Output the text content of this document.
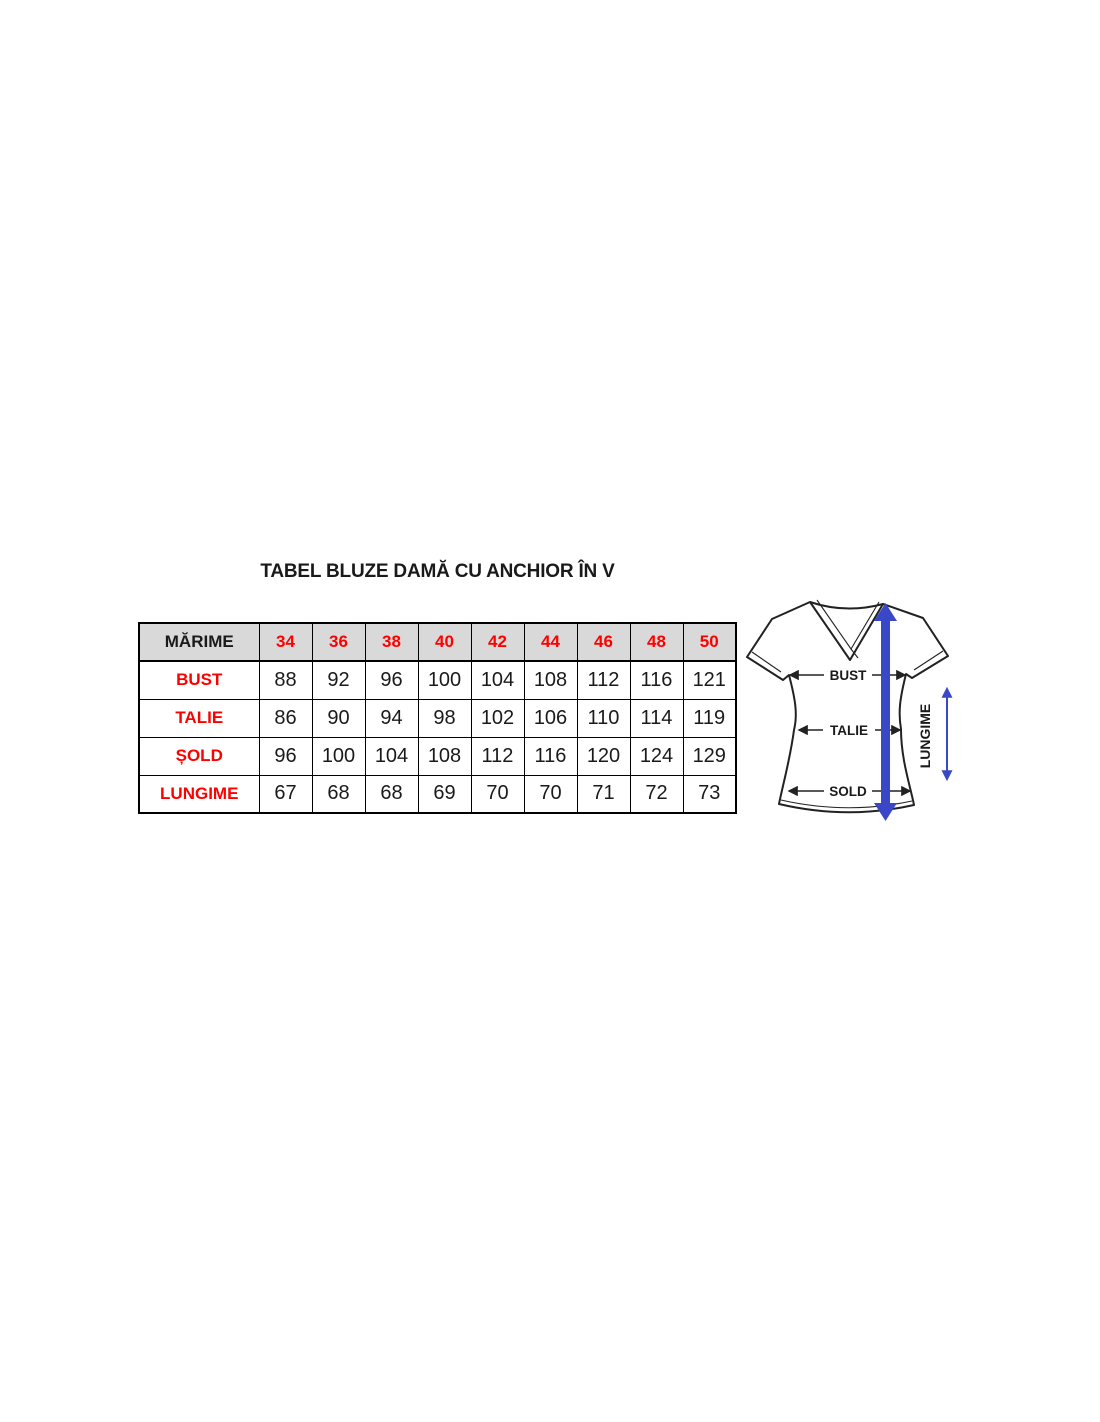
TABEL BLUZE DAMĂ CU ANCHIOR ÎN V
MĂRIME	34	36	38	40	42	44	46	48	50
BUST	88	92	96	100	104	108	112	116	121
TALIE	86	90	94	98	102	106	110	114	119
ȘOLD	96	100	104	108	112	116	120	124	129
LUNGIME	67	68	68	69	70	70	71	72	73
BUST
TALIE
SOLD
LUNGIME
